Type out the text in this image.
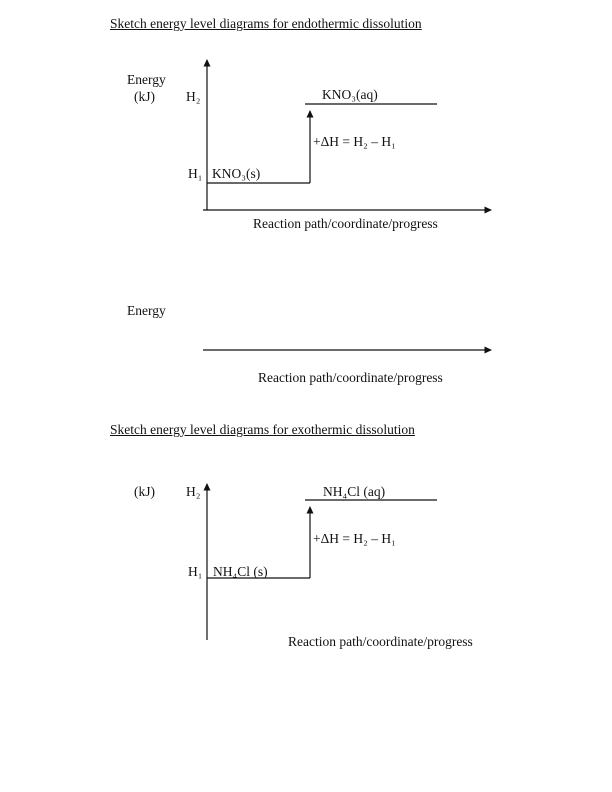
Sketch energy level diagrams for endothermic dissolution
Energy
(kJ) H₂	KNO₃(aq)
+ΔH = H₂ – H₁
H₁ KNO₃(s)
Reaction path/coordinate/progress
Energy
Reaction path/coordinate/progress
Sketch energy level diagrams for exothermic dissolution
(kJ) H₂	NH₄Cl (aq)
+ΔH = H₂ – H₁
H₁ NH₄Cl (s)
Reaction path/coordinate/progress
